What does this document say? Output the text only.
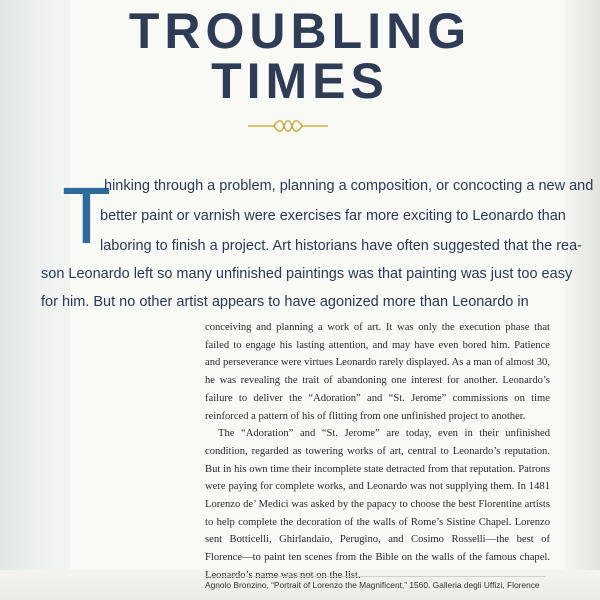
TROUBLING
TIMES
T
hinking through a problem, planning a composition, or concocting a new and
better paint or varnish were exercises far more exciting to Leonardo than
laboring to finish a project. Art historians have often suggested that the rea-
son Leonardo left so many unfinished paintings was that painting was just too easy
for him. But no other artist appears to have agonized more than Leonardo in

conceiving and planning a work of art. It was only the execution phase that failed to engage his lasting attention, and may have even bored him. Patience and perseverance were virtues Leonardo rarely displayed. As a man of almost 30, he was revealing the trait of abandoning one interest for another. Leonardo’s failure to deliver the “Adoration” and “St. Jerome” commissions on time reinforced a pattern of his of flitting from one unfinished project to another.

The “Adoration” and “St. Jerome” are today, even in their unfinished condition, regarded as towering works of art, central to Leonardo’s reputation. But in his own time their incomplete state detracted from that reputation. Patrons were paying for complete works, and Leonardo was not supplying them. In 1481 Lorenzo de’ Medici was asked by the papacy to choose the best Florentine artists to help complete the decoration of the walls of Rome’s Sistine Chapel. Lorenzo sent Botticelli, Ghirlandaio, Perugino, and Cosimo Rosselli—the best of Florence—to paint ten scenes from the Bible on the walls of the famous chapel.

Agnolo Bronzino, “Portrait of Lorenzo the Magnificent,” 1560. Galleria degli Uffizi, Florence
